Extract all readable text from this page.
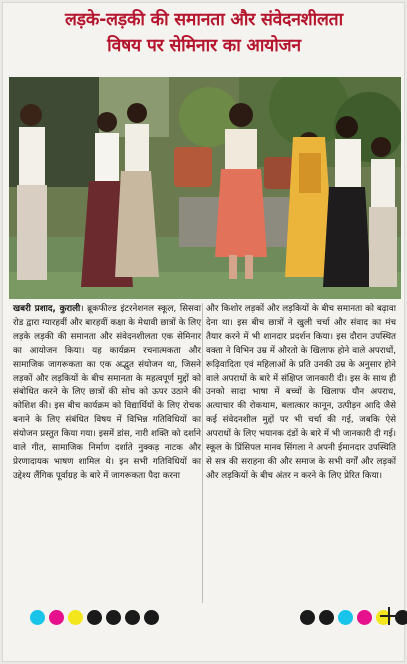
लड़के-लड़की की समानता और संवेदनशीलता
विषय पर सेमिनार का आयोजन

खबरी प्रशाद, कुराली। ब्रूकफील्ड इंटरनेशनल स्कूल, सिसवा रोड द्वारा ग्यारहवीं और बारहवीं कक्षा के मेधावी छात्रों के लिए लड़के लड़की की समानता और संवेदनशीलता एक सेमिनार का आयोजन किया। यह कार्यक्रम रचनात्मकता और सामाजिक जागरूकता का एक अद्भुत संयोजन था, जिसने लड़कों और लड़कियों के बीच समानता के महत्वपूर्ण मुद्दों को संबोधित करने के लिए छात्रों की सोच को ऊपर उठाने की कोशिश की। इस बीच कार्यक्रम को विद्यार्थियों के लिए रोचक बनाने के लिए संबंधित विषय में विभिन्न गतिविधियों का संयोजन प्रस्तुत किया गया। इसमें डांस, नारी शक्ति को दर्शाने वाले गीत, सामाजिक निर्माण दर्शाते नुक्कड़ नाटक और प्रेरणादायक भाषण शामिल थे। इन सभी गतिविधियों का उद्देश्य लैंगिक पूर्वाग्रह के बारे में जागरूकता पैदा करना

और किशोर लड़कों और लड़कियों के बीच समानता को बढ़ावा देना था। इस बीच छात्रों ने खुली चर्चा और संवाद का मंच तैयार करने में भी शानदार प्रदर्शन किया। इस दौरान उपस्थित वक्ता ने विभिन उम्र में औरतो के खिलाफ होने वाले अपराधों, रूढ़िवादिता एवं महिलाओं के प्रति उनकी उम्र के अनुसार होने वाले अपराधों के बारे में संक्षिप्त जानकारी दी। इस के साथ ही उनको सादा भाषा में बच्चों के खिलाफ यौन अपराध, अत्याचार की रोकथाम, बलात्कार कानून, उत्पीड़न आदि जैसे कई संवेदनशील मुद्दों पर भी चर्चा की गई, जबकि ऐसे अपराधों के लिए भयानक दंडों के बारे में भी जानकारी दी गई। स्कूल के प्रिंसिपल मानव सिंगला ने अपनी ईमानदार उपस्थिति से सत्र की सराहना की और समाज के सभी वर्गों और लड़कों और लड़कियों के बीच अंतर न करने के लिए प्रेरित किया।
